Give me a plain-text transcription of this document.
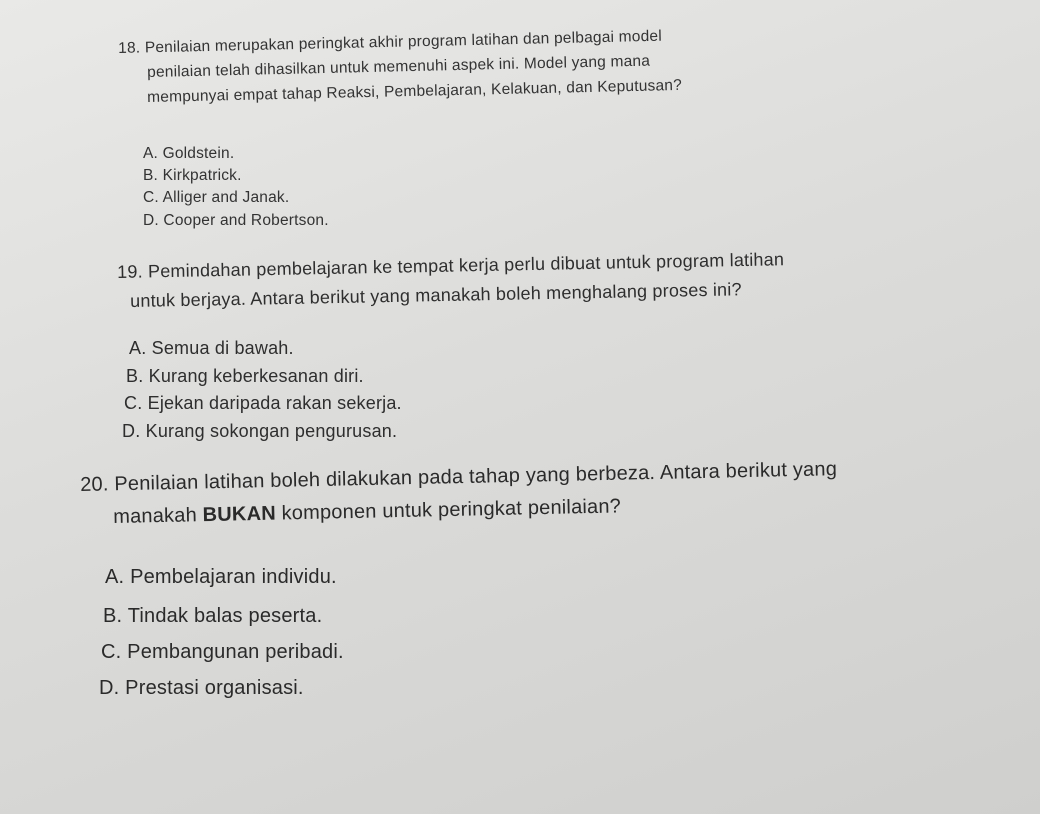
18. Penilaian merupakan peringkat akhir program latihan dan pelbagai model

penilaian telah dihasilkan untuk memenuhi aspek ini. Model yang mana

mempunyai empat tahap Reaksi, Pembelajaran, Kelakuan, dan Keputusan?

A. Goldstein.

B. Kirkpatrick.

C. Alliger and Janak.

D. Cooper and Robertson.

19. Pemindahan pembelajaran ke tempat kerja perlu dibuat untuk program latihan

untuk berjaya. Antara berikut yang manakah boleh menghalang proses ini?

A. Semua di bawah.

B. Kurang keberkesanan diri.

C. Ejekan daripada rakan sekerja.

D. Kurang sokongan pengurusan.

20. Penilaian latihan boleh dilakukan pada tahap yang berbeza. Antara berikut yang

manakah BUKAN komponen untuk peringkat penilaian?

A. Pembelajaran individu.

B. Tindak balas peserta.

C. Pembangunan peribadi.

D. Prestasi organisasi.
